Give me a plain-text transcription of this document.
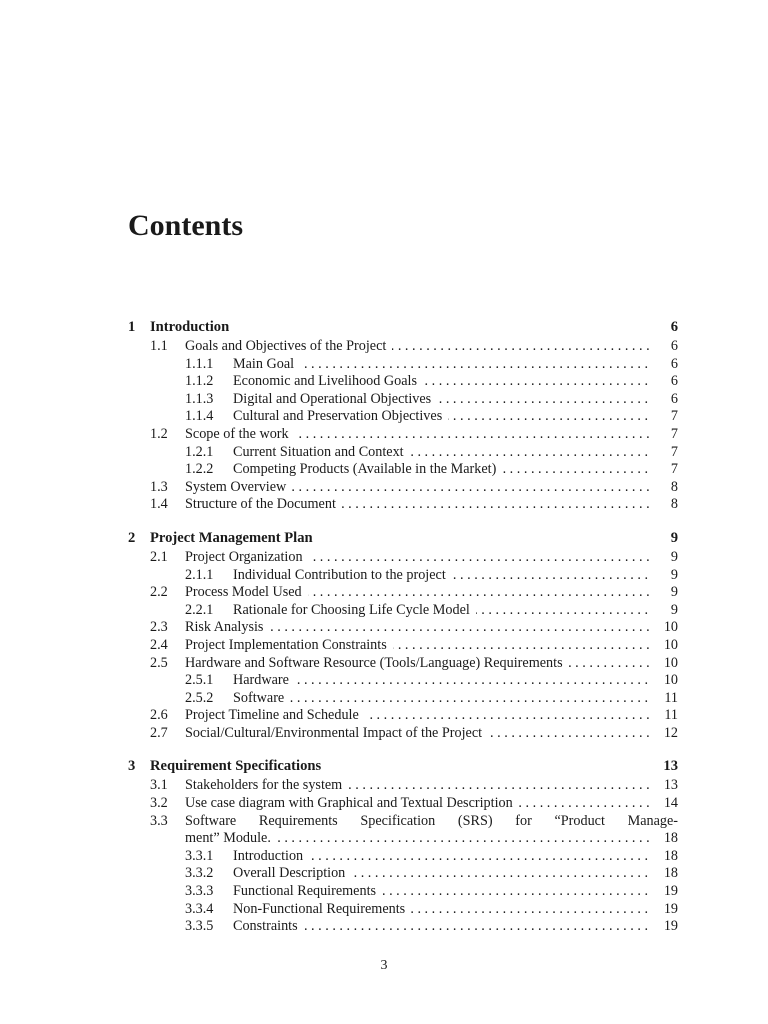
Contents
1 Introduction	6
1.1 Goals and Objectives of the Project	6
. . .
1.1.1 Main Goal	6
. . .
1.1.2 Economic and Livelihood Goals	6
. . .
1.1.3 Digital and Operational Objectives	6
. . .
1.1.4 Cultural and Preservation Objectives	7
. . .
1.2 Scope of the work	7
. . .
1.2.1 Current Situation and Context	7
. . .
1.2.2 Competing Products (Available in the Market)	7
. . .
1.3 System Overview	8
. . .
1.4 Structure of the Document	8
. . .
2 Project Management Plan	9
2.1 Project Organization	9
. . .
2.1.1 Individual Contribution to the project	9
. . .
2.2 Process Model Used	9
. . .
2.2.1 Rationale for Choosing Life Cycle Model	9
. . .
2.3 Risk Analysis	10
. . .
2.4 Project Implementation Constraints	10
. . .
2.5 Hardware and Software Resource (Tools/Language) Requirements	10
. . .
2.5.1 Hardware	10
. . .
2.5.2 Software	11
. . .
2.6 Project Timeline and Schedule	11
. . .
2.7 Social/Cultural/Environmental Impact of the Project	12
. . .
3 Requirement Specifications	13
3.1 Stakeholders for the system	13
. . .
3.2 Use case diagram with Graphical and Textual Description	14
. . .
3.3 Software Requirements Specification (SRS) for “Product Manage-
ment” Module.	18
. . .
3.3.1 Introduction	18
. . .
3.3.2 Overall Description	18
. . .
3.3.3 Functional Requirements	19
. . .
3.3.4 Non-Functional Requirements	19
. . .
3.3.5 Constraints	19
. . .
3
